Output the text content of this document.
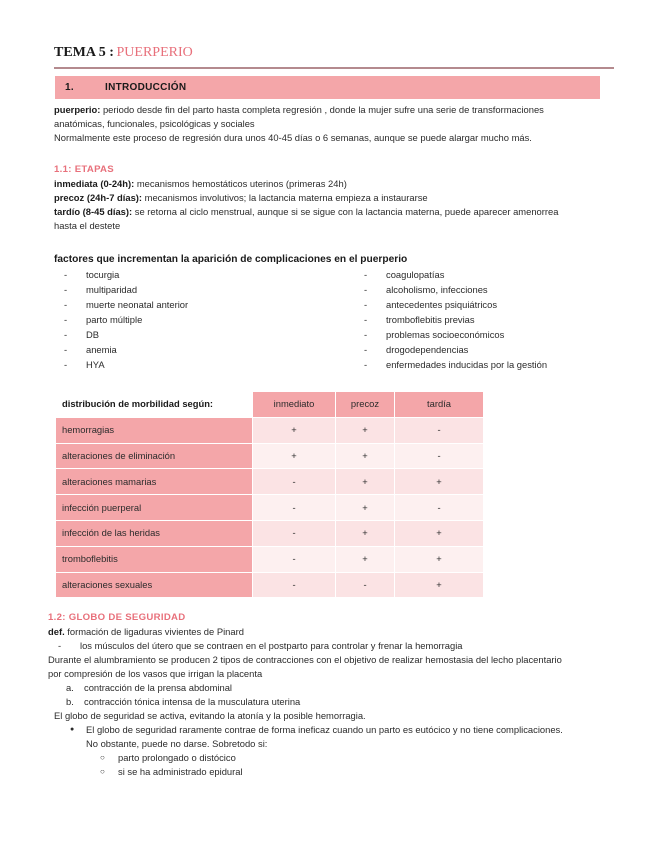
TEMA 5 : PUERPERIO
1.	INTRODUCCIÓN

puerperio: periodo desde fin del parto hasta completa regresión , donde la mujer sufre una serie de transformaciones

anatómicas, funcionales, psicológicas y sociales

Normalmente este proceso de regresión dura unos 40-45 días o 6 semanas, aunque se puede alargar mucho más.

1.1: ETAPAS

inmediata (0-24h): mecanismos hemostáticos uterinos (primeras 24h)

precoz (24h-7 días): mecanismos involutivos; la lactancia materna empieza a instaurarse

tardío (8-45 días): se retorna al ciclo menstrual, aunque si se sigue con la lactancia materna, puede aparecer amenorrea

hasta el destete

factores que incrementan la aparición de complicaciones en el puerperio

- tocurgia
- multiparidad
- muerte neonatal anterior
- parto múltiple
- DB
- anemia
- HYA
- coagulopatías
- alcoholismo, infecciones
- antecedentes psiquiátricos
- tromboflebitis previas
- problemas socioeconómicos
- drogodependencias
- enfermedades inducidas por la gestión
distribución de morbilidad según:	inmediato	precoz	tardía
hemorragias	+	+	-
alteraciones de eliminación	+	+	-
alteraciones mamarias	-	+	+
infección puerperal	-	+	-
infección de las heridas	-	+	+
tromboflebitis	-	+	+
alteraciones sexuales	-	-	+

1.2: GLOBO DE SEGURIDAD

def. formación de ligaduras vivientes de Pinard

- los músculos del útero que se contraen en el postparto para controlar y frenar la hemorragia

Durante el alumbramiento se producen 2 tipos de contracciones con el objetivo de realizar hemostasia del lecho placentario

por compresión de los vasos que irrigan la placenta

a. contracción de la prensa abdominal

b. contracción tónica intensa de la musculatura uterina

El globo de seguridad se activa, evitando la atonía y la posible hemorragia.

● El globo de seguridad raramente contrae de forma ineficaz cuando un parto es eutócico y no tiene complicaciones.

No obstante, puede no darse. Sobretodo si:

○ parto prolongado o distócico

○ si se ha administrado epidural
